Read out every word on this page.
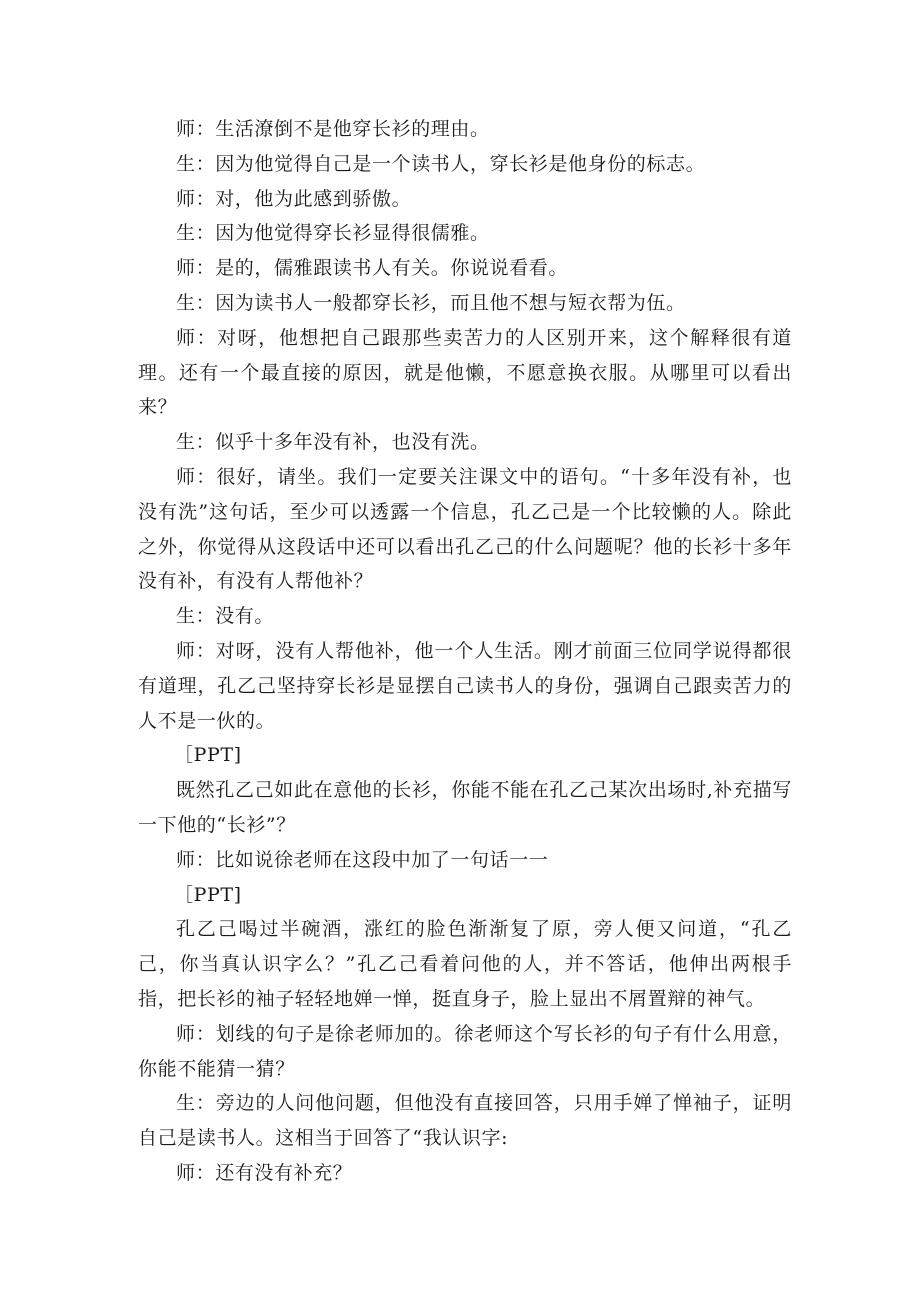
师：生活潦倒不是他穿长衫的理由。

生：因为他觉得自己是一个读书人，穿长衫是他身份的标志。

师：对，他为此感到骄傲。

生：因为他觉得穿长衫显得很儒雅。

师：是的，儒雅跟读书人有关。你说说看看。

生：因为读书人一般都穿长衫，而且他不想与短衣帮为伍。

师：对呀，他想把自己跟那些卖苦力的人区别开来，这个解释很有道理。还有一个最直接的原因，就是他懒，不愿意换衣服。从哪里可以看出来？

生：似乎十多年没有补，也没有洗。

师：很好，请坐。我们一定要关注课文中的语句。“十多年没有补，也没有洗”这句话，至少可以透露一个信息，孔乙己是一个比较懒的人。除此之外，你觉得从这段话中还可以看出孔乙己的什么问题呢？他的长衫十多年没有补，有没有人帮他补？

生：没有。

师：对呀，没有人帮他补，他一个人生活。刚才前面三位同学说得都很有道理，孔乙己坚持穿长衫是显摆自己读书人的身份，强调自己跟卖苦力的人不是一伙的。

［PPT]

既然孔乙己如此在意他的长衫，你能不能在孔乙己某次出场时,补充描写一下他的“长衫”？

师：比如说徐老师在这段中加了一句话一一

［PPT]

孔乙己喝过半碗酒，涨红的脸色渐渐复了原，旁人便又问道，“孔乙己，你当真认识字么？”孔乙己看着问他的人，并不答话，他伸出两根手指，把长衫的袖子轻轻地婵一惮，挺直身子，脸上显出不屑置辩的神气。

师：划线的句子是徐老师加的。徐老师这个写长衫的句子有什么用意，你能不能猜一猜？

生：旁边的人问他问题，但他没有直接回答，只用手婵了惮袖子，证明自己是读书人。这相当于回答了“我认识字:

师：还有没有补充？
